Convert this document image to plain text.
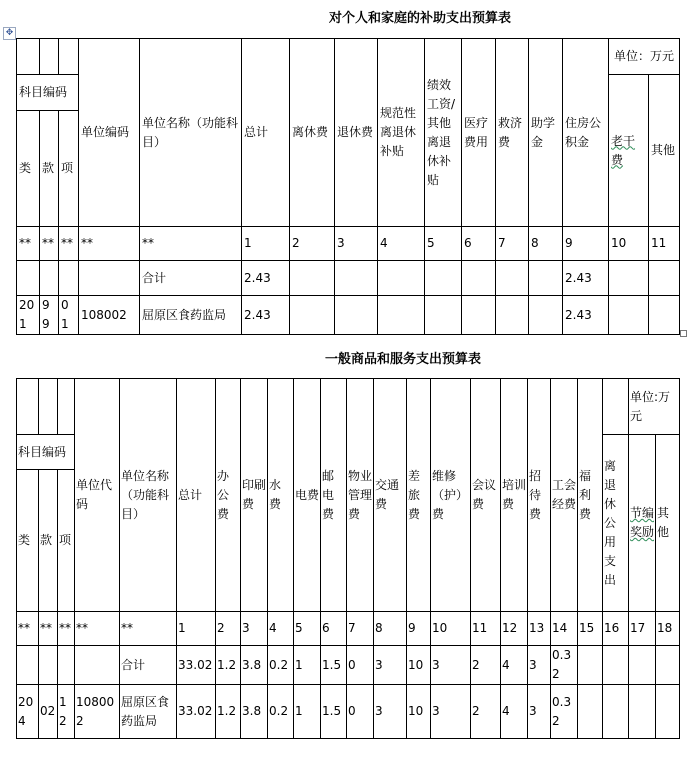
对个人和家庭的补助支出预算表
✥
			单位编码	单位名称（功能科目）	总计	离休费	退休费	规范性离退休补贴	绩效工资/其他离退休补贴	医疗费用	救济费	助学金	住房公积金	单位：万元	
科目编码														老干费	其他
类	款	项													
**	**	**	**	**	1	2	3	4	5	6	7	8	9	10	11
				合计	2.43								2.43		
201	99	01	108002	屈原区食药监局	2.43								2.43		
一般商品和服务支出预算表
			单位代码	单位名称（功能科目）	总计	办公费	印刷费	水费	电费	邮电费	物业管理费	交通费	差旅费	维修（护）费	会议费	培训费	招待费	工会经费	福利费		单位:万元	
科目编码																				离退休公用支出	节编奖励	其他
类	款	项																				
**	**	**	**	**	1	2	3	4	5	6	7	8	9	10	11	12	13	14	15	16	17	18
				合计	33.02	1.2	3.8	0.2	1	1.5	0	3	10	3	2	4	3	0.32				
204	02	12	108002	屈原区食药监局	33.02	1.2	3.8	0.2	1	1.5	0	3	10	3	2	4	3	0.32				
